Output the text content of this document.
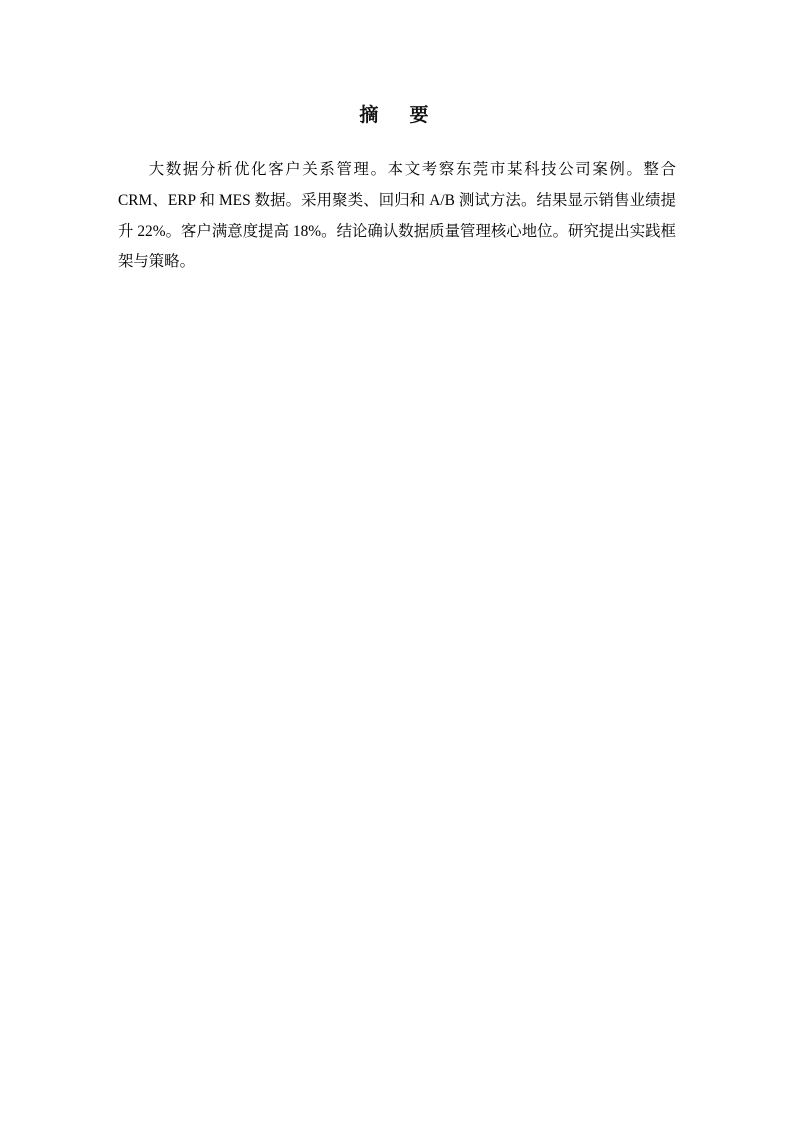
摘　要

大数据分析优化客户关系管理。本文考察东莞市某科技公司案例。整合 CRM、ERP 和 MES 数据。采用聚类、回归和 A/B 测试方法。结果显示销售业绩提升 22%。客户满意度提高 18%。结论确认数据质量管理核心地位。研究提出实践框架与策略。
